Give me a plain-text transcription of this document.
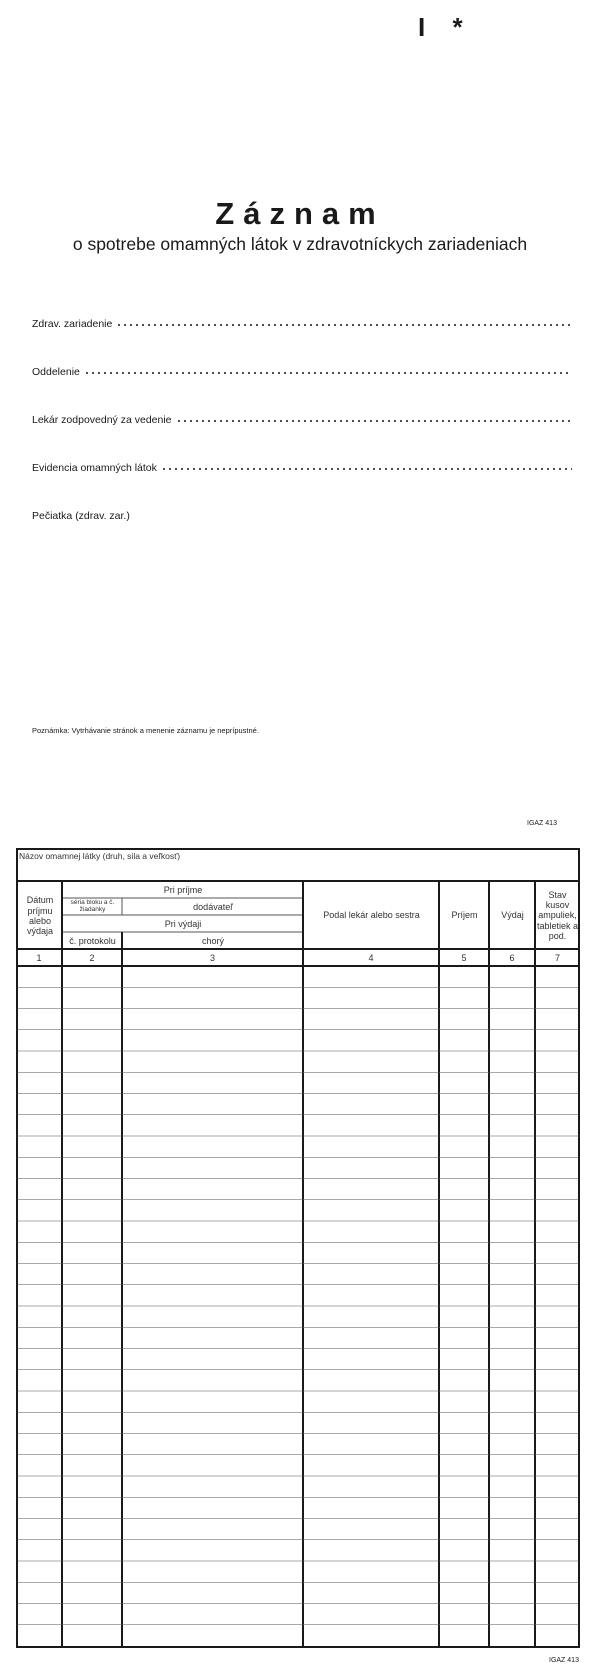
I *
Záznam
o spotrebe omamných látok v zdravotníckych zariadeniach
Zdrav. zariadenie
Oddelenie
Lekár zodpovedný za vedenie
Evidencia omamných látok
Pečiatka (zdrav. zar.)
Poznámka: Vytrhávanie stránok a menenie záznamu je neprípustné.
IGAZ 413
Názov omamnej látky (druh, sila a veľkosť)
Dátum príjmu alebo výdaja
Pri príjme
séria bloku a č. žiadanky	dodávateľ
Pri výdaji
č. protokolu	chorý
Podal lekár alebo sestra	Príjem	Výdaj
Stav kusov ampuliek, tabletiek a pod.
1	2	3	4	5	6	7
IGAZ 413
